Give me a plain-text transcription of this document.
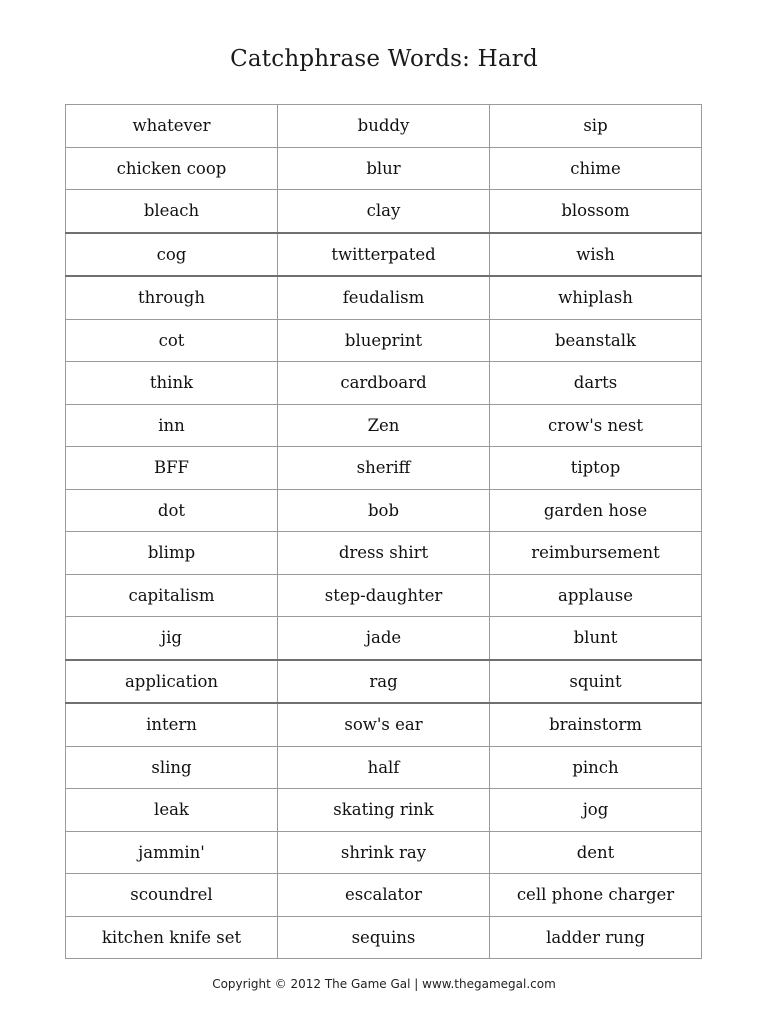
Catchphrase Words: Hard
whatever	buddy	sip
chicken coop	blur	chime
bleach	clay	blossom
cog	twitterpated	wish
through	feudalism	whiplash
cot	blueprint	beanstalk
think	cardboard	darts
inn	Zen	crow's nest
BFF	sheriff	tiptop
dot	bob	garden hose
blimp	dress shirt	reimbursement
capitalism	step-daughter	applause
jig	jade	blunt
application	rag	squint
intern	sow's ear	brainstorm
sling	half	pinch
leak	skating rink	jog
jammin'	shrink ray	dent
scoundrel	escalator	cell phone charger
kitchen knife set	sequins	ladder rung
Copyright © 2012 The Game Gal | www.thegamegal.com
